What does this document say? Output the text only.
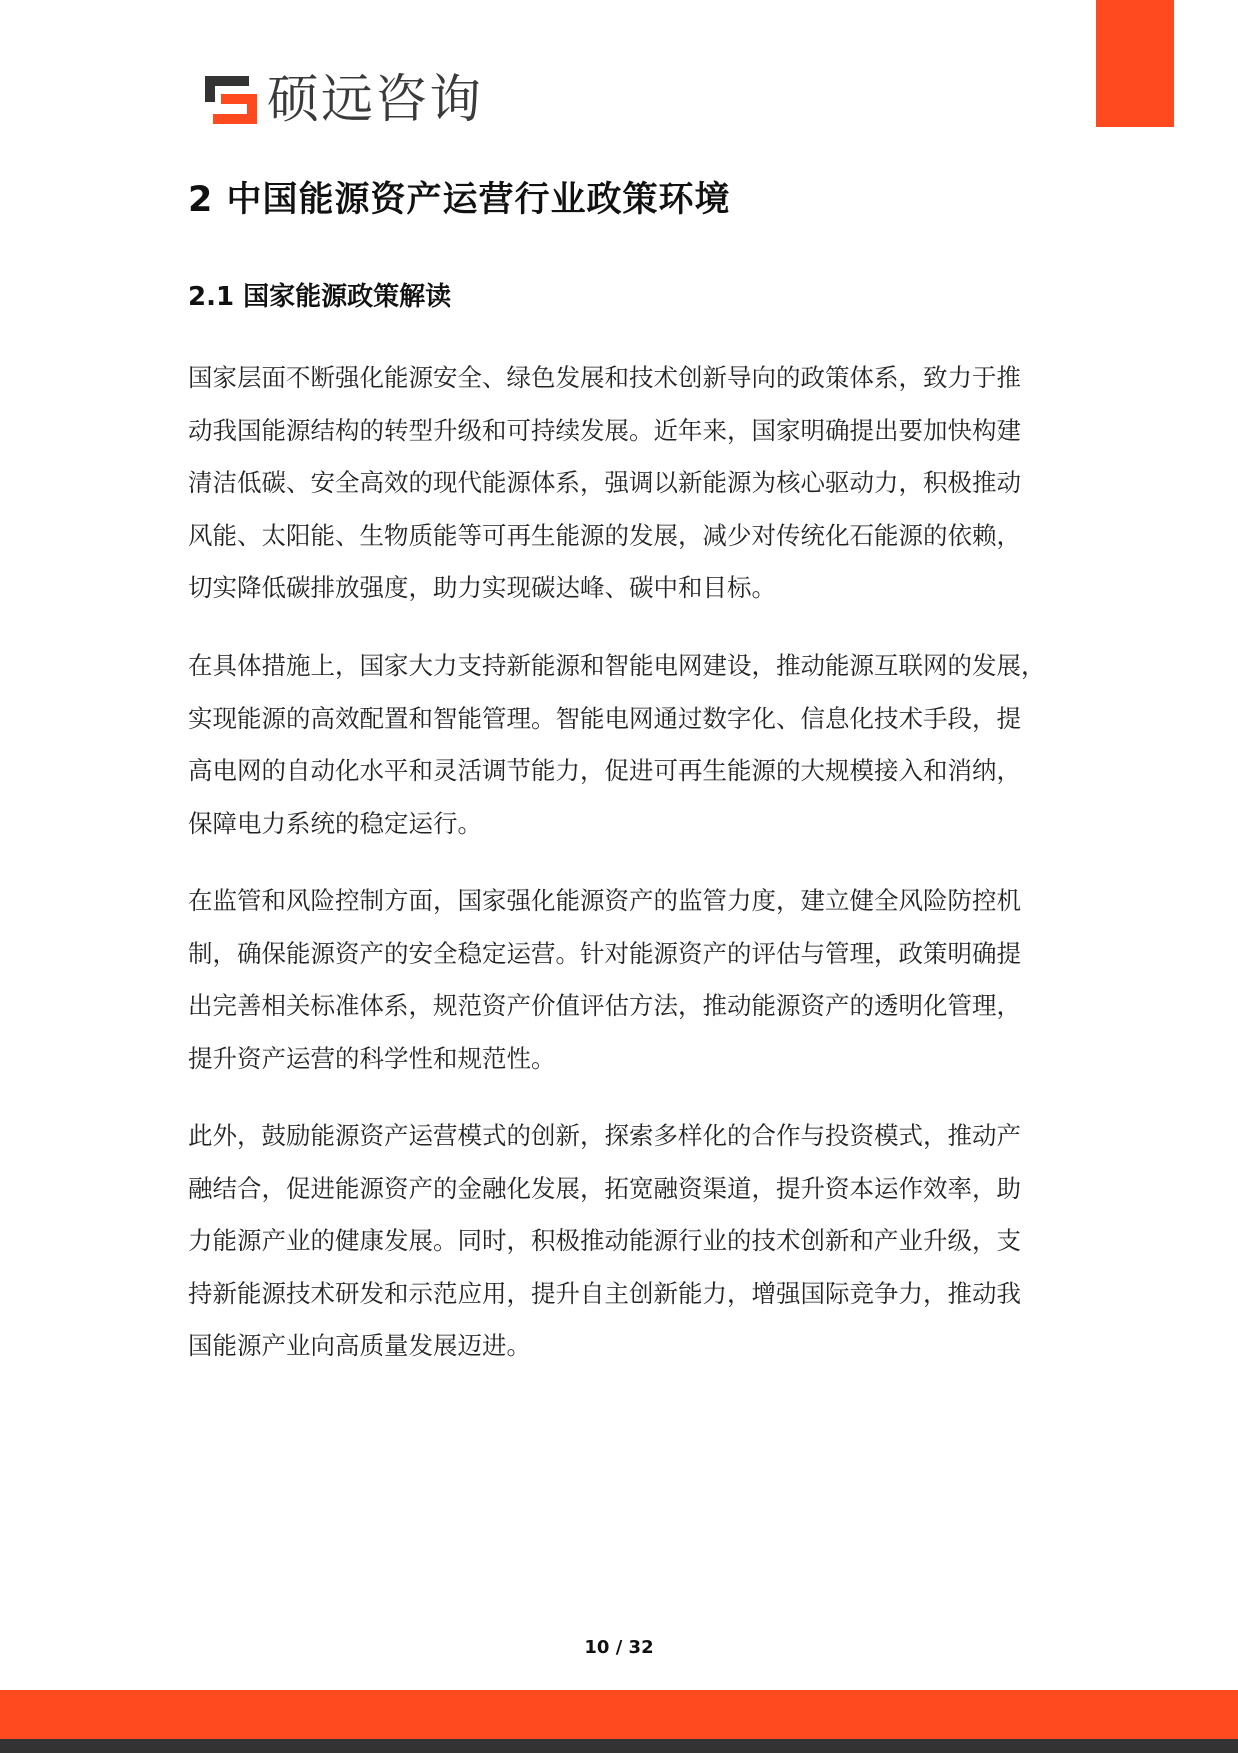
硕远咨询
2 中国能源资产运营行业政策环境
2.1 国家能源政策解读
国家层面不断强化能源安全、绿色发展和技术创新导向的政策体系，致力于推
动我国能源结构的转型升级和可持续发展。近年来，国家明确提出要加快构建
清洁低碳、安全高效的现代能源体系，强调以新能源为核心驱动力，积极推动
风能、太阳能、生物质能等可再生能源的发展，减少对传统化石能源的依赖，
切实降低碳排放强度，助力实现碳达峰、碳中和目标。
在具体措施上，国家大力支持新能源和智能电网建设，推动能源互联网的发展，
实现能源的高效配置和智能管理。智能电网通过数字化、信息化技术手段，提
高电网的自动化水平和灵活调节能力，促进可再生能源的大规模接入和消纳，
保障电力系统的稳定运行。
在监管和风险控制方面，国家强化能源资产的监管力度，建立健全风险防控机
制，确保能源资产的安全稳定运营。针对能源资产的评估与管理，政策明确提
出完善相关标准体系，规范资产价值评估方法，推动能源资产的透明化管理，
提升资产运营的科学性和规范性。
此外，鼓励能源资产运营模式的创新，探索多样化的合作与投资模式，推动产
融结合，促进能源资产的金融化发展，拓宽融资渠道，提升资本运作效率，助
力能源产业的健康发展。同时，积极推动能源行业的技术创新和产业升级，支
持新能源技术研发和示范应用，提升自主创新能力，增强国际竞争力，推动我
国能源产业向高质量发展迈进。
10 / 32
